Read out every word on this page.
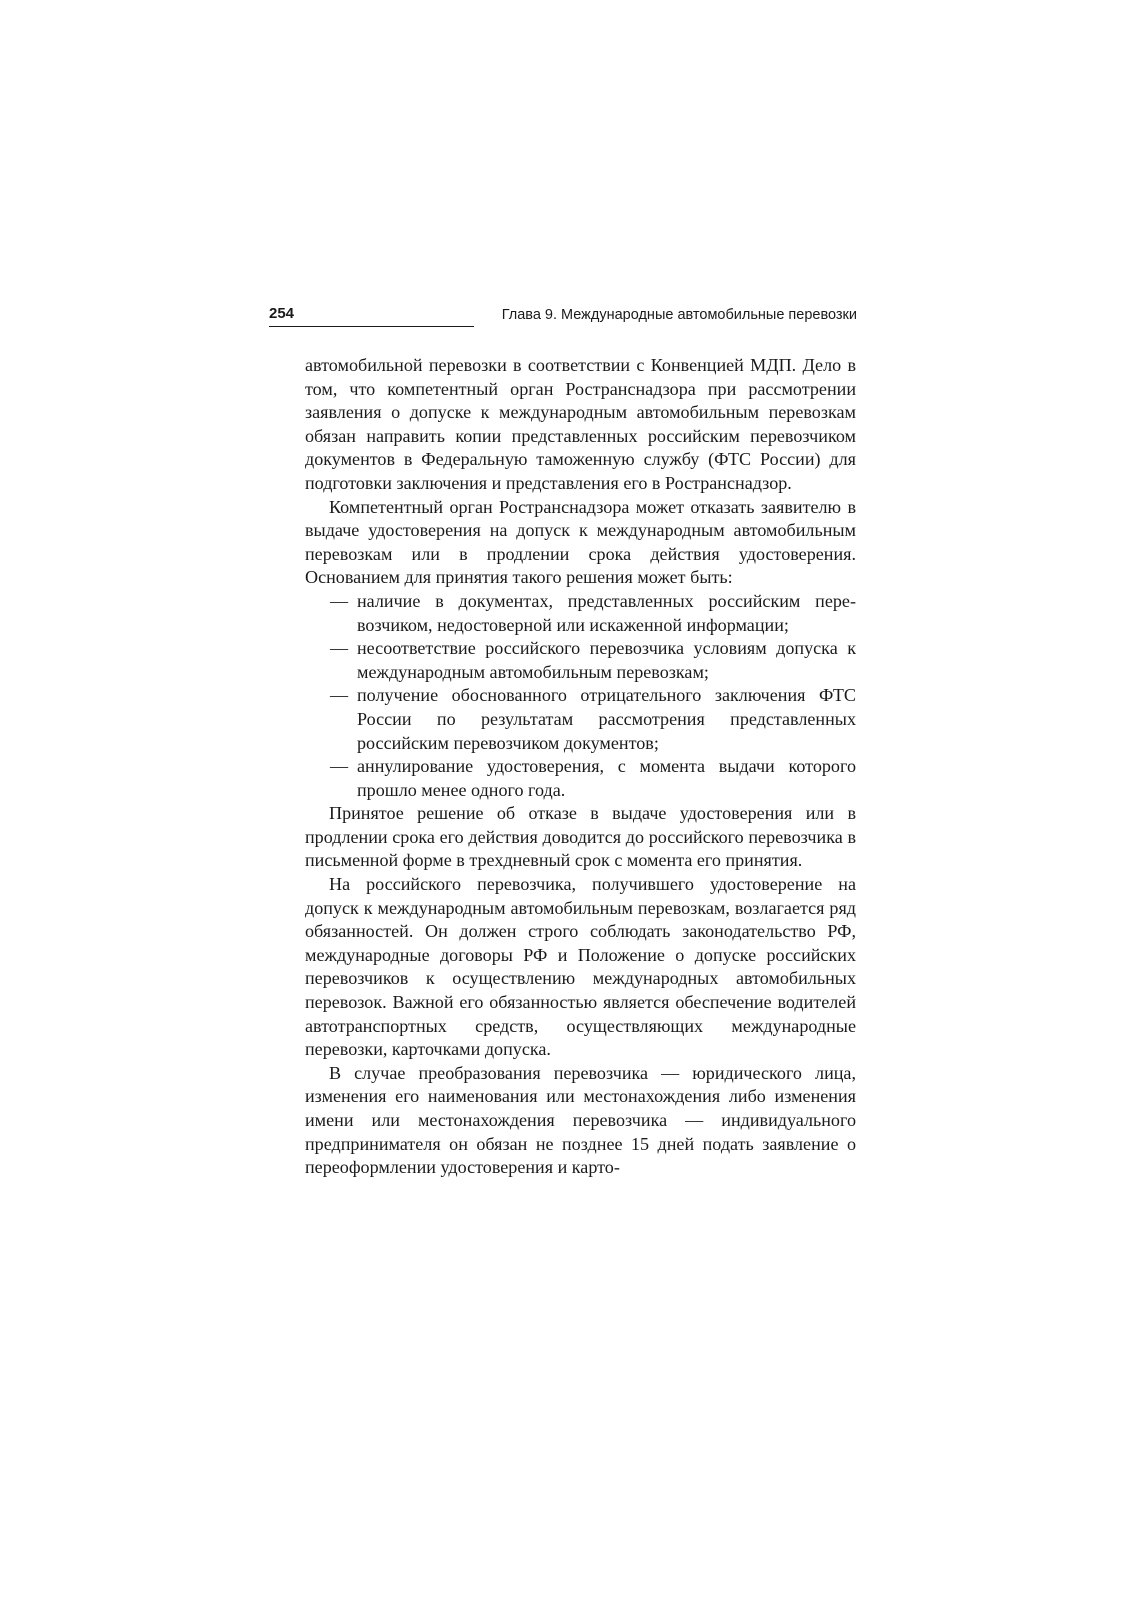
254	Глава 9. Международные автомобильные перевозки

автомобильной перевозки в соответствии с Конвенцией МДП. Дело в том, что компетентный орган Ространснадзора при рассмотрении заявления о допуске к международным автомобильным перевозкам обязан направить копии представленных российским перевозчиком документов в Федеральную таможенную службу (ФТС России) для подготовки заключения и представления его в Ространснадзор.

Компетентный орган Ространснадзора может отказать заявителю в выдаче удостоверения на допуск к международным автомобильным перевозкам или в продлении срока действия удостоверения. Основанием для принятия такого решения может быть:

— наличие в документах, представленных российским перевозчиком, недостоверной или искаженной информации;
— несоответствие российского перевозчика условиям допуска к международным автомобильным перевозкам;
— получение обоснованного отрицательного заключения ФТС России по результатам рассмотрения представленных российским перевозчиком документов;
— аннулирование удостоверения, с момента выдачи которого прошло менее одного года.

Принятое решение об отказе в выдаче удостоверения или в продлении срока его действия доводится до российского перевозчика в письменной форме в трехдневный срок с момента его принятия.

На российского перевозчика, получившего удостоверение на допуск к международным автомобильным перевозкам, возлагается ряд обязанностей. Он должен строго соблюдать законодательство РФ, международные договоры РФ и Положение о допуске российских перевозчиков к осуществлению международных автомобильных перевозок. Важной его обязанностью является обеспечение водителей автотранспортных средств, осуществляющих международные перевозки, карточками допуска.

В случае преобразования перевозчика — юридического лица, изменения его наименования или местонахождения либо изменения имени или местонахождения перевозчика — индивидуального предпринимателя он обязан не позднее 15 дней подать заявление о переоформлении удостоверения и карто-
